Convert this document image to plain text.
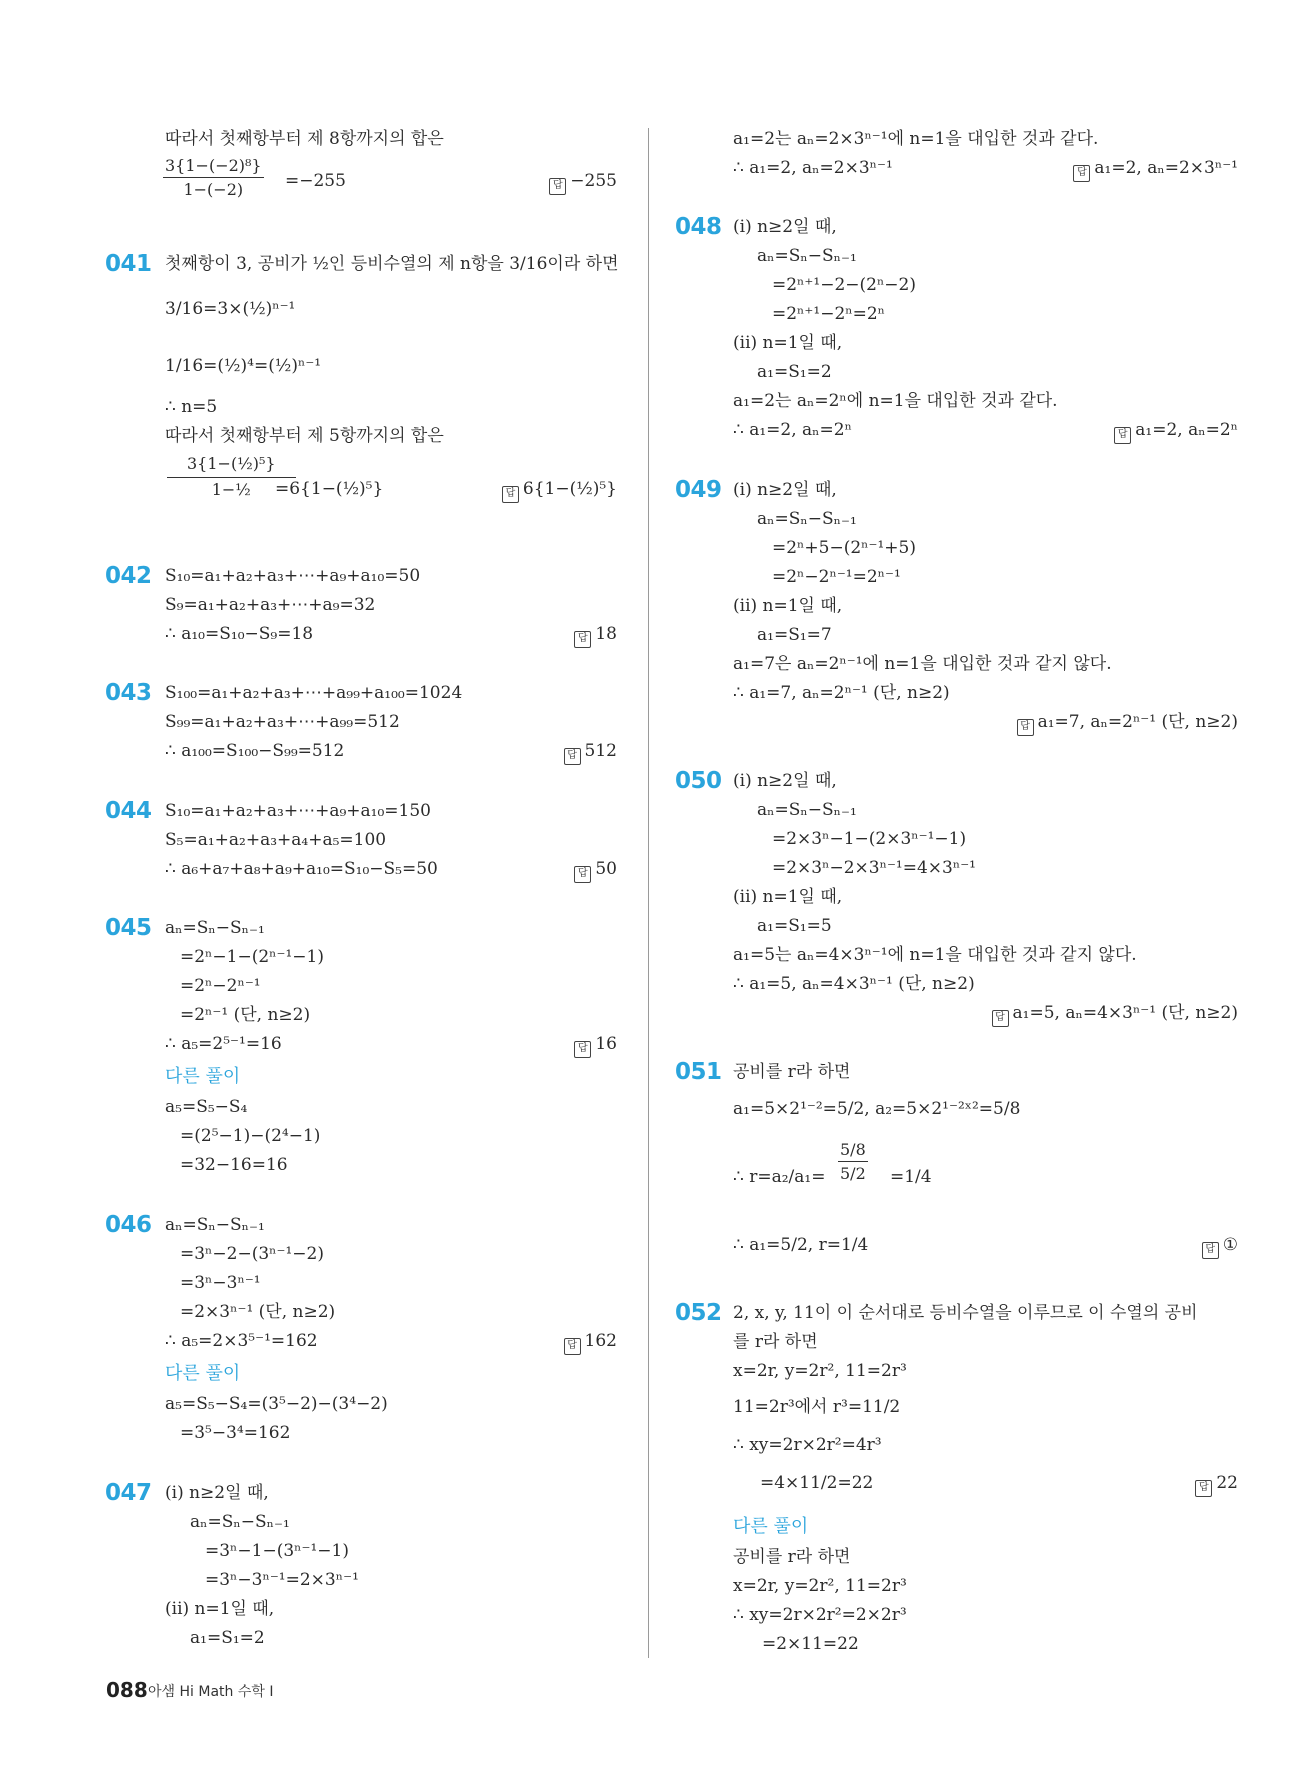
따라서 첫째항부터 제 8항까지의 합은
$\frac{\text{3\{1−(−2)⁸\}}}{1-(-2)} =-255$	답 −255
041 첫째항이 3, 공비가 ½인 등비수열의 제 n항을 3/16이라 하면
3/16=3×(½)ⁿ⁻¹
1/16=(½)⁴=(½)ⁿ⁻¹
∴ n=5
따라서 첫째항부터 제 5항까지의 합은
$\frac{\text{3\{1−(½)⁵\}}}{\text{1−½}}$
=6{1−(½)⁵}	답 6{1−(½)⁵}
042 S₁₀=a₁+a₂+a₃+⋯+a₉+a₁₀=50
S₉=a₁+a₂+a₃+⋯+a₉=32
∴ a₁₀=S₁₀−S₉=18	답 18
043 S₁₀₀=a₁+a₂+a₃+⋯+a₉₉+a₁₀₀=1024
S₉₉=a₁+a₂+a₃+⋯+a₉₉=512
∴ a₁₀₀=S₁₀₀−S₉₉=512	답 512
044 S₁₀=a₁+a₂+a₃+⋯+a₉+a₁₀=150
S₅=a₁+a₂+a₃+a₄+a₅=100
∴ a₆+a₇+a₈+a₉+a₁₀=S₁₀−S₅=50	답 50
045 aₙ=Sₙ−Sₙ₋₁
=2ⁿ−1−(2ⁿ⁻¹−1)
=2ⁿ−2ⁿ⁻¹
=2ⁿ⁻¹ (단, n≥2)
∴ a₅=2⁵⁻¹=16	답 16
다른 풀이
a₅=S₅−S₄
=(2⁵−1)−(2⁴−1)
=32−16=16
046 aₙ=Sₙ−Sₙ₋₁
=3ⁿ−2−(3ⁿ⁻¹−2)
=3ⁿ−3ⁿ⁻¹
=2×3ⁿ⁻¹ (단, n≥2)
∴ a₅=2×3⁵⁻¹=162	답 162
다른 풀이
a₅=S₅−S₄=(3⁵−2)−(3⁴−2)
=3⁵−3⁴=162
047 (i) n≥2일 때,
aₙ=Sₙ−Sₙ₋₁
=3ⁿ−1−(3ⁿ⁻¹−1)
=3ⁿ−3ⁿ⁻¹=2×3ⁿ⁻¹
(ii) n=1일 때,
a₁=S₁=2
a₁=2는 aₙ=2×3ⁿ⁻¹에 n=1을 대입한 것과 같다.
∴ a₁=2, aₙ=2×3ⁿ⁻¹	답 a₁=2, aₙ=2×3ⁿ⁻¹
048 (i) n≥2일 때,
aₙ=Sₙ−Sₙ₋₁
=2ⁿ⁺¹−2−(2ⁿ−2)
=2ⁿ⁺¹−2ⁿ=2ⁿ
(ii) n=1일 때,
a₁=S₁=2
a₁=2는 aₙ=2ⁿ에 n=1을 대입한 것과 같다.
∴ a₁=2, aₙ=2ⁿ	답 a₁=2, aₙ=2ⁿ
049 (i) n≥2일 때,
aₙ=Sₙ−Sₙ₋₁
=2ⁿ+5−(2ⁿ⁻¹+5)
=2ⁿ−2ⁿ⁻¹=2ⁿ⁻¹
(ii) n=1일 때,
a₁=S₁=7
a₁=7은 aₙ=2ⁿ⁻¹에 n=1을 대입한 것과 같지 않다.
∴ a₁=7, aₙ=2ⁿ⁻¹ (단, n≥2)
답 a₁=7, aₙ=2ⁿ⁻¹ (단, n≥2)
050 (i) n≥2일 때,
aₙ=Sₙ−Sₙ₋₁
=2×3ⁿ−1−(2×3ⁿ⁻¹−1)
=2×3ⁿ−2×3ⁿ⁻¹=4×3ⁿ⁻¹
(ii) n=1일 때,
a₁=S₁=5
a₁=5는 aₙ=4×3ⁿ⁻¹에 n=1을 대입한 것과 같지 않다.
∴ a₁=5, aₙ=4×3ⁿ⁻¹ (단, n≥2)
답 a₁=5, aₙ=4×3ⁿ⁻¹ (단, n≥2)
051 공비를 r라 하면
a₁=5×2¹⁻²=5/2, a₂=5×2¹⁻²ˣ²=5/8
∴ $r=a_2/a_1= \frac{5/8}{5/2} =1/4$
∴ a₁=5/2, r=1/4	답 ①
052 2, x, y, 11이 이 순서대로 등비수열을 이루므로 이 수열의 공비
를 r라 하면
x=2r, y=2r², 11=2r³
11=2r³에서 r³=11/2
∴ xy=2r×2r²=4r³
=4×11/2=22	답 22
다른 풀이
공비를 r라 하면
x=2r, y=2r², 11=2r³
∴ xy=2r×2r²=2×2r³
=2×11=22
088 아샘 Hi Math 수학 I
